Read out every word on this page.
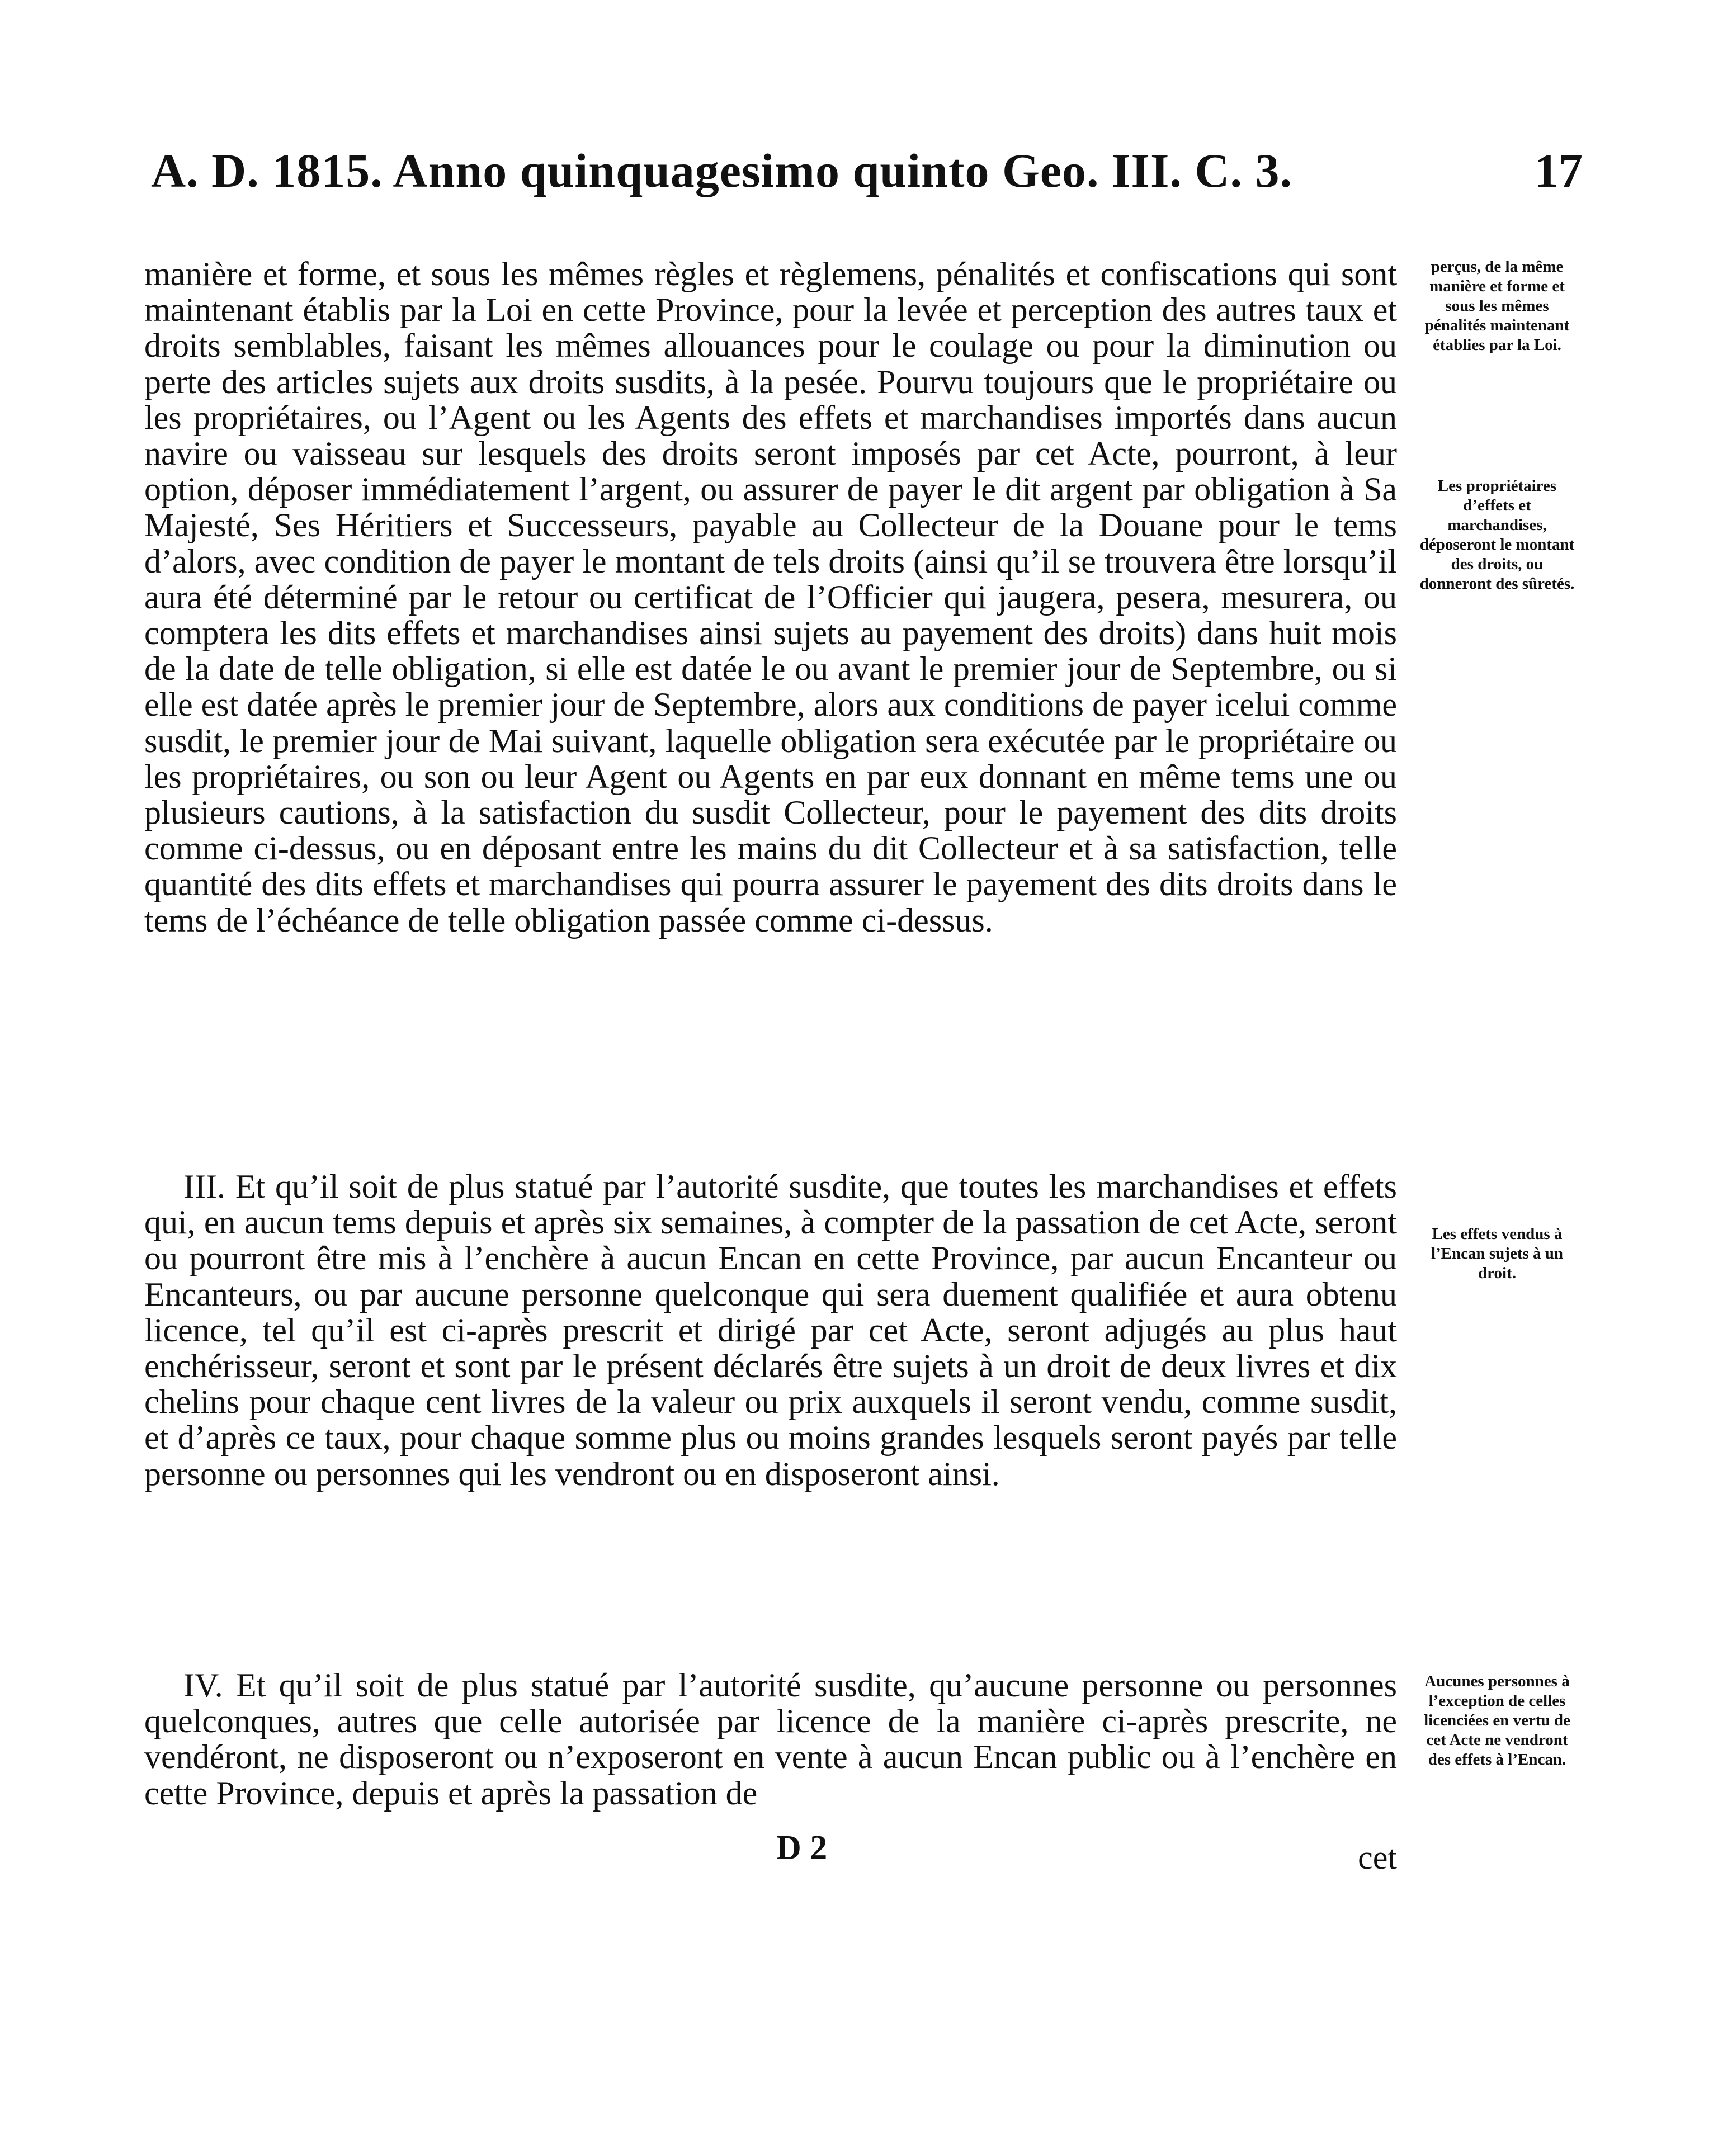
A. D. 1815. Anno quinquagesimo quinto Geo. III. C. 3.	17

manière et forme, et sous les mêmes règles et règlemens, pénalités et confiscations qui sont maintenant établis par la Loi en cette Province, pour la levée et perception des autres taux et droits semblables, faisant les mêmes allouances pour le coulage ou pour la diminution ou perte des articles sujets aux droits susdits, à la pesée. Pourvu toujours que le propriétaire ou les propriétaires, ou l’Agent ou les Agents des effets et marchandises importés dans aucun navire ou vaisseau sur lesquels des droits seront imposés par cet Acte, pourront, à leur option, déposer immédiatement l’argent, ou assurer de payer le dit argent par obligation à Sa Majesté, Ses Héritiers et Successeurs, payable au Collecteur de la Douane pour le tems d’alors, avec condition de payer le montant de tels droits (ainsi qu’il se trouvera être lorsqu’il aura été déterminé par le retour ou certificat de l’Officier qui jaugera, pesera, mesurera, ou comptera les dits effets et marchandises ainsi sujets au payement des droits) dans huit mois de la date de telle obligation, si elle est datée le ou avant le premier jour de Septembre, ou si elle est datée après le premier jour de Septembre, alors aux conditions de payer icelui comme susdit, le premier jour de Mai suivant, laquelle obligation sera exécutée par le propriétaire ou les propriétaires, ou son ou leur Agent ou Agents en par eux donnant en même tems une ou plusieurs cautions, à la satisfaction du susdit Collecteur, pour le payement des dits droits comme ci-dessus, ou en déposant entre les mains du dit Collecteur et à sa satisfaction, telle quantité des dits effets et marchandises qui pourra assurer le payement des dits droits dans le tems de l’échéance de telle obligation passée comme ci-dessus.

III. Et qu’il soit de plus statué par l’autorité susdite, que toutes les marchandises et effets qui, en aucun tems depuis et après six semaines, à compter de la passation de cet Acte, seront ou pourront être mis à l’enchère à aucun Encan en cette Province, par aucun Encanteur ou Encanteurs, ou par aucune personne quelconque qui sera duement qualifiée et aura obtenu licence, tel qu’il est ci-après prescrit et dirigé par cet Acte, seront adjugés au plus haut enchérisseur, seront et sont par le présent déclarés être sujets à un droit de deux livres et dix chelins pour chaque cent livres de la valeur ou prix auxquels il seront vendu, comme susdit, et d’après ce taux, pour chaque somme plus ou moins grandes lesquels seront payés par telle personne ou personnes qui les vendront ou en disposeront ainsi.

IV. Et qu’il soit de plus statué par l’autorité susdite, qu’aucune personne ou personnes quelconques, autres que celle autorisée par licence de la manière ci-après prescrite, ne vendéront, ne disposeront ou n’exposeront en vente à aucun Encan public ou à l’enchère en cette Province, depuis et après la passation de

perçus, de la même manière et forme et sous les mêmes pénalités maintenant établies par la Loi.
Les propriétaires d’effets et marchandises, déposeront le montant des droits, ou donneront des sûretés.
Les effets vendus à l’Encan sujets à un droit.
Aucunes personnes à l’exception de celles licenciées en vertu de cet Acte ne vendront des effets à l’Encan.
D 2	cet
